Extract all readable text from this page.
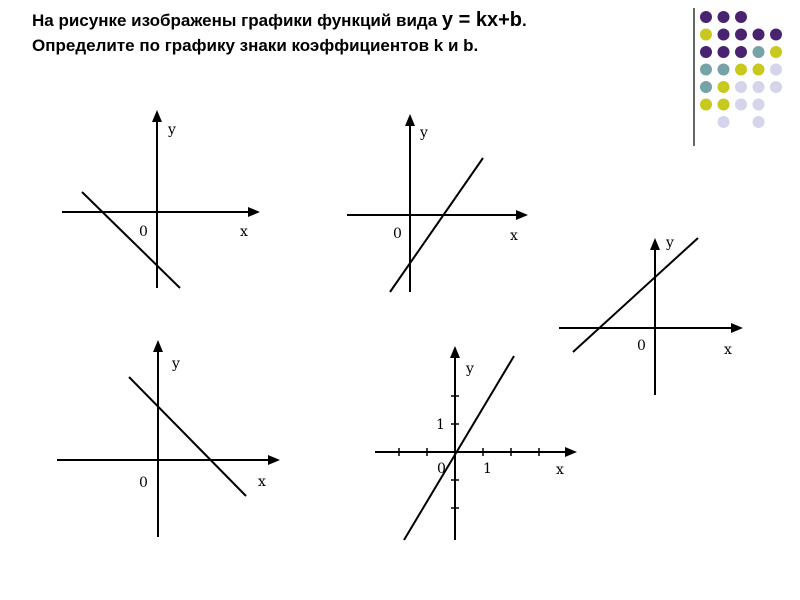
На рисунке изображены графики функций вида y = kx+b.
Определите по графику знаки коэффициентов k и b.
x
y
0	x
y
0
x
y
0
x
y
0
x
y
0	1
1
